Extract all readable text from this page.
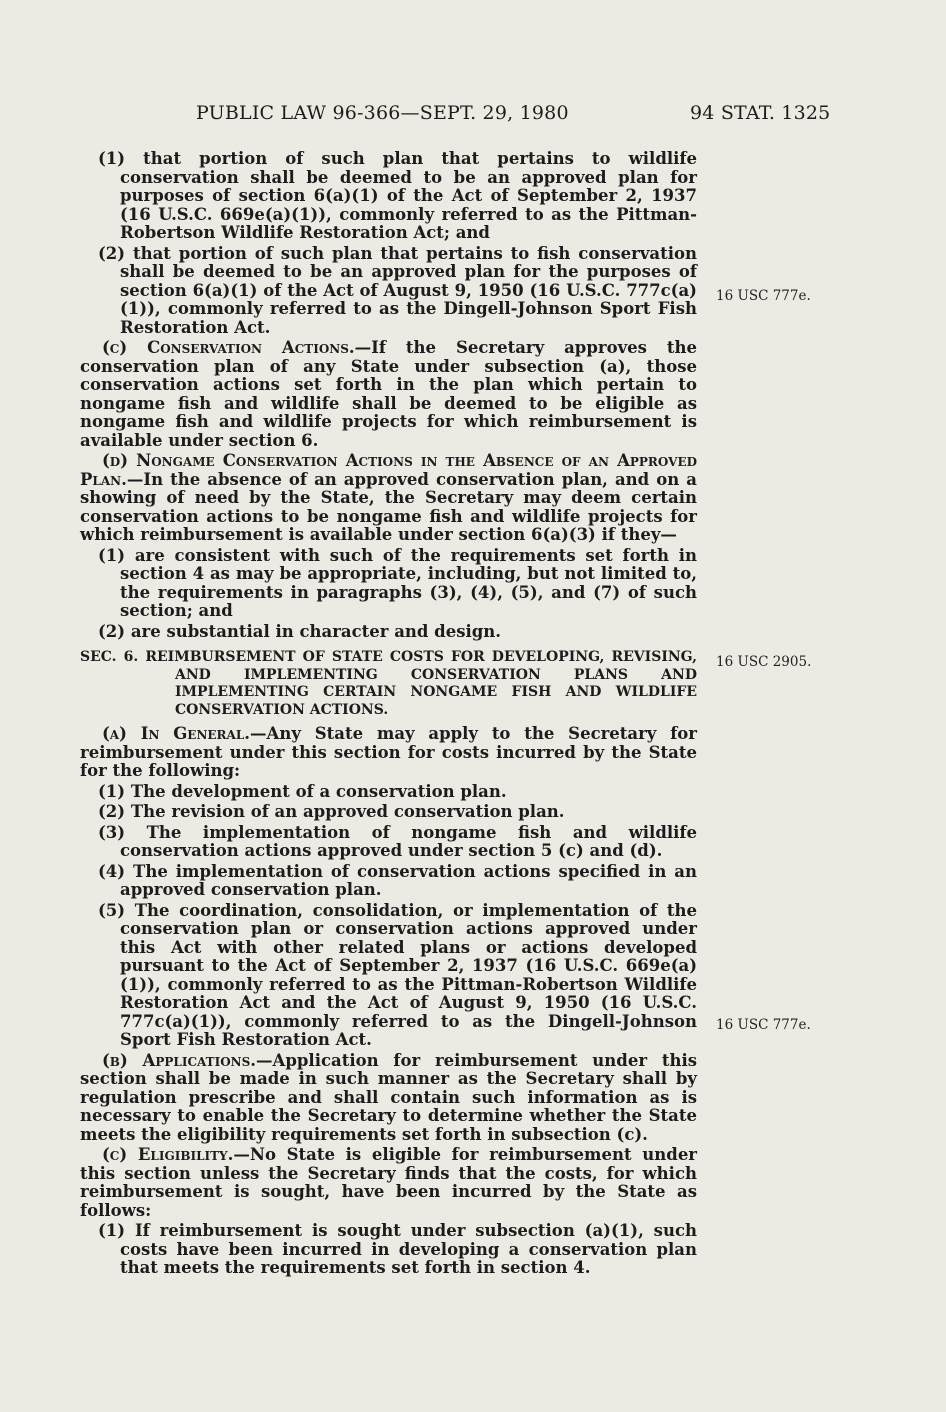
PUBLIC LAW 96-366—SEPT. 29, 1980	94 STAT. 1325
16 USC 777e.
16 USC 2905.
16 USC 777e.

(1) that portion of such plan that pertains to wildlife conservation shall be deemed to be an approved plan for purposes of section 6(a)(1) of the Act of September 2, 1937 (16 U.S.C. 669e(a)(1)), commonly referred to as the Pittman-Robertson Wildlife Restoration Act; and

(2) that portion of such plan that pertains to fish conservation shall be deemed to be an approved plan for the purposes of section 6(a)(1) of the Act of August 9, 1950 (16 U.S.C. 777c(a)(1)), commonly referred to as the Dingell-Johnson Sport Fish Restoration Act.

(c) Conservation Actions.—If the Secretary approves the conservation plan of any State under subsection (a), those conservation actions set forth in the plan which pertain to nongame fish and wildlife shall be deemed to be eligible as nongame fish and wildlife projects for which reimbursement is available under section 6.

(d) Nongame Conservation Actions in the Absence of an Approved Plan.—In the absence of an approved conservation plan, and on a showing of need by the State, the Secretary may deem certain conservation actions to be nongame fish and wildlife projects for which reimbursement is available under section 6(a)(3) if they—

(1) are consistent with such of the requirements set forth in section 4 as may be appropriate, including, but not limited to, the requirements in paragraphs (3), (4), (5), and (7) of such section; and

(2) are substantial in character and design.

SEC. 6. REIMBURSEMENT OF STATE COSTS FOR DEVELOPING, REVISING, AND IMPLEMENTING CONSERVATION PLANS AND IMPLEMENTING CERTAIN NONGAME FISH AND WILDLIFE CONSERVATION ACTIONS.

(a) In General.—Any State may apply to the Secretary for reimbursement under this section for costs incurred by the State for the following:

(1) The development of a conservation plan.

(2) The revision of an approved conservation plan.

(3) The implementation of nongame fish and wildlife conservation actions approved under section 5 (c) and (d).

(4) The implementation of conservation actions specified in an approved conservation plan.

(5) The coordination, consolidation, or implementation of the conservation plan or conservation actions approved under this Act with other related plans or actions developed pursuant to the Act of September 2, 1937 (16 U.S.C. 669e(a)(1)), commonly referred to as the Pittman-Robertson Wildlife Restoration Act and the Act of August 9, 1950 (16 U.S.C. 777c(a)(1)), commonly referred to as the Dingell-Johnson Sport Fish Restoration Act.

(b) Applications.—Application for reimbursement under this section shall be made in such manner as the Secretary shall by regulation prescribe and shall contain such information as is necessary to enable the Secretary to determine whether the State meets the eligibility requirements set forth in subsection (c).

(c) Eligibility.—No State is eligible for reimbursement under this section unless the Secretary finds that the costs, for which reimbursement is sought, have been incurred by the State as follows:

(1) If reimbursement is sought under subsection (a)(1), such costs have been incurred in developing a conservation plan that meets the requirements set forth in section 4.
